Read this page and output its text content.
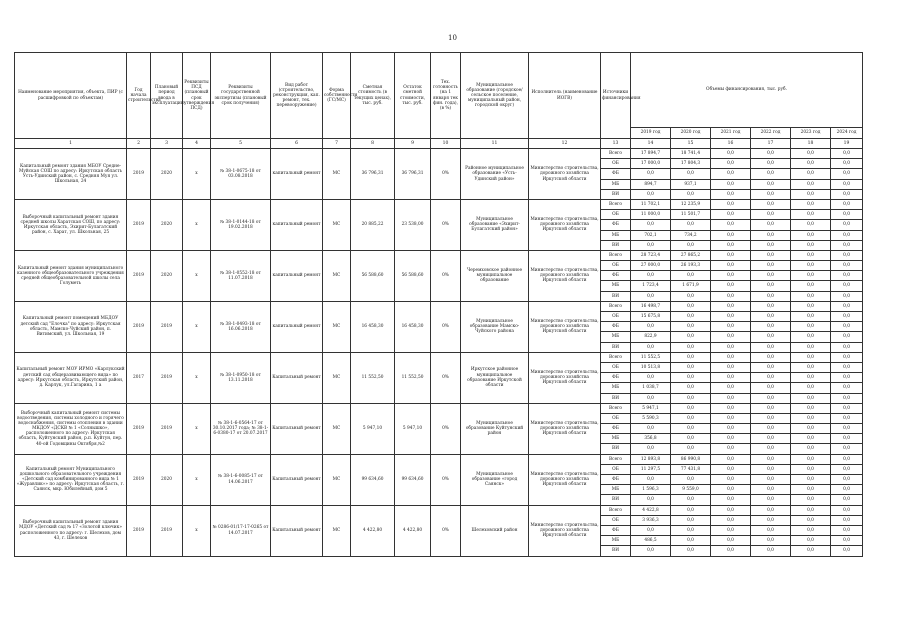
10
Наименование мероприятия, объекта, ПИР (с расшифровкой по объектам)	Год начала строительства	Плановый период ввода в эксплуатацию	Реквизиты ПСД (плановый срок утверждения ПСД)	Реквизиты государственной экспертизы (плановый срок получения)	Вид работ (строительство, реконструкция, кап. ремонт, тех. перевооружение)	Форма собственности (ГС/МС)	Сметная стоимость (в текущих ценах), тыс. руб.	Остаток сметной стоимости, тыс. руб.	Тех. готовность (на 1 января тек фин. года), (в %)	Муниципальное образование (городское/сельское поселение, муниципальный район, городской округ)	Исполнитель (наименование ИОГВ)	Источники финансирования	Объемы финансирования, тыс. руб.					
													2019 год	2020 год	2021 год	2022 год	2023 год	2024 год
1	2	3	4	5	6	7	8	9	10	11	12	13	14	15	16	17	18	19
Капитальный ремонт здания МБОУ Средне-Муйская СОШ по адресу: Иркутская область Усть-Удинский район, с. Средняя Муя ул. Школьная, 24	2019	2020	х	№ 38-1-0675-18 от 03.08.2018	капитальный ремонт	МС	36 796,31	36 796,31	0%	Районное муниципальное образование «Усть-Удинский район»	Министерство строительства, дорожного хозяйства Иркутской области	Всего	17 894,7	18 741,4	0,0	0,0	0,0	0,0
												ОБ	17 000,0	17 804,3	0,0	0,0	0,0	0,0
												ФБ	0,0	0,0	0,0	0,0	0,0	0,0
												МБ	894,7	937,1	0,0	0,0	0,0	0,0
												ВИ	0,0	0,0	0,0	0,0	0,0	0,0
Выборочный капитальный ремонт здания средней школы Харатская СОШ, по адресу: Иркутская область, Эхирит-Булагатский район, с. Харат, ул. Школьная, 25	2019	2020	х	№ 38-1-0144-18 от 19.02.2018	капитальный ремонт	МС	20 885,22	23 538,00	0%	Муниципальное образование «Эхирит-Булагатский район»	Министерство строительства, дорожного хозяйства Иркутской области	Всего	11 702,1	12 235,9	0,0	0,0	0,0	0,0
												ОБ	11 000,0	11 501,7	0,0	0,0	0,0	0,0
												ФБ	0,0	0,0	0,0	0,0	0,0	0,0
												МБ	702,1	734,2	0,0	0,0	0,0	0,0
												ВИ	0,0	0,0	0,0	0,0	0,0	0,0
Капитальный ремонт здания муниципального казенного общеобразовательного учреждения средней общеобразовательной школы села Голуметь	2019	2020	х	№ 38-1-0552-18 от 11.07.2018	капитальный ремонт	МС	56 588,60	56 588,60	0%	Черемховское районное муниципальное образование	Министерство строительства, дорожного хозяйства Иркутской области	Всего	28 723,4	27 865,2	0,0	0,0	0,0	0,0
												ОБ	27 000,0	26 193,3	0,0	0,0	0,0	0,0
												ФБ	0,0	0,0	0,0	0,0	0,0	0,0
												МБ	1 723,4	1 671,9	0,0	0,0	0,0	0,0
												ВИ	0,0	0,0	0,0	0,0	0,0	0,0
Капитальный ремонт помещений МБДОУ детский сад "Елочка" по адресу: Иркутская область, Мамско-Чуйский район, п. Витимский, ул. Школьная, 19	2019	2019	х	№ 38-1-0493-18 от 16.06.2018	капитальный ремонт	МС	16 458,30	16 458,30	0%	Муниципальное образование Мамско-Чуйского района	Министерство строительства, дорожного хозяйства Иркутской области	Всего	16 498,7	0,0	0,0	0,0	0,0	0,0
												ОБ	15 675,8	0,0	0,0	0,0	0,0	0,0
												ФБ	0,0	0,0	0,0	0,0	0,0	0,0
												МБ	822,9	0,0	0,0	0,0	0,0	0,0
												ВИ	0,0	0,0	0,0	0,0	0,0	0,0
Капитальный ремонт МОУ ИРМО «Карлукский детский сад общеразвивающего вида» по адресу: Иркутская область, Иркутский район, д. Карлук, ул.Гагарина, 1 а	2017	2019	х	№ 38-1-0950-18 от 13.11.2018	Капитальный ремонт	МС	11 552,50	11 552,50	0%	Иркутское районное муниципальное образование Иркутской области	Министерство строительства, дорожного хозяйства Иркутской области	Всего	11 552,5	0,0	0,0	0,0	0,0	0,0
												ОБ	10 513,8	0,0	0,0	0,0	0,0	0,0
												ФБ	0,0	0,0	0,0	0,0	0,0	0,0
												МБ	1 038,7	0,0	0,0	0,0	0,0	0,0
												ВИ	0,0	0,0	0,0	0,0	0,0	0,0
Выборочный капитальный ремонт системы водоотведения, системы холодного и горячего водоснабжения, системы отопления в здании МКДОУ «ДСКВ № 1 «Солнышко», расположенного по адресу: Иркутская область, Куйтунский район, р.п. Куйтун, пер. 40-ой Годовщины Октября,№2	2019	2019	х	№ 38-1-6-0564-17 от 30.10.2017 года; № 38-1-6-0380-17 от 20.07.2017	Капитальный ремонт	МС	5 947,10	5 947,10	0%	Муниципальное образование Куйтунский район	Министерство строительства, дорожного хозяйства Иркутской области	Всего	5 947,1	0,0	0,0	0,0	0,0	0,0
												ОБ	5 590,3	0,0	0,0	0,0	0,0	0,0
												ФБ	0,0	0,0	0,0	0,0	0,0	0,0
												МБ	356,8	0,0	0,0	0,0	0,0	0,0
												ВИ	0,0	0,0	0,0	0,0	0,0	0,0
Капитальный ремонт Муниципального дошкольного образовательного учреждения «Детский сад комбинированного вида № 1 «Журавлик»» по адресу: Иркутская область, г. Саянск, мкр. Юбилейный, дом 5	2019	2020	х	№ 38-1-6-0085-17 от 14.06.2017	Капитальный ремонт	МС	99 634,60	99 634,60	0%	Муниципальное образование «город Саянск»	Министерство строительства, дорожного хозяйства Иркутской области	Всего	12 893,8	86 990,8	0,0	0,0	0,0	0,0
												ОБ	11 297,5	77 431,8	0,0	0,0	0,0	0,0
												ФБ	0,0	0,0	0,0	0,0	0,0	0,0
												МБ	1 596,3	9 559,0	0,0	0,0	0,0	0,0
												ВИ	0,0	0,0	0,0	0,0	0,0	0,0
Выборочный капитальный ремонт здания МДОУ «Детский сад № 17 «Золотой ключик» расположенного по адресу: г. Шелехов, дом 43, г. Шелехов	2019	2019	х	№ 0286-01/17-17-0265 от 14.07.2017	Капитальный ремонт	МС	4 422,80	4 422,80	0%	Шелеховский район	Министерство строительства, дорожного хозяйства Иркутской области	Всего	4 422,8	0,0	0,0	0,0	0,0	0,0
												ОБ	3 936,3	0,0	0,0	0,0	0,0	0,0
												ФБ	0,0	0,0	0,0	0,0	0,0	0,0
												МБ	486,5	0,0	0,0	0,0	0,0	0,0
												ВИ	0,0	0,0	0,0	0,0	0,0	0,0
